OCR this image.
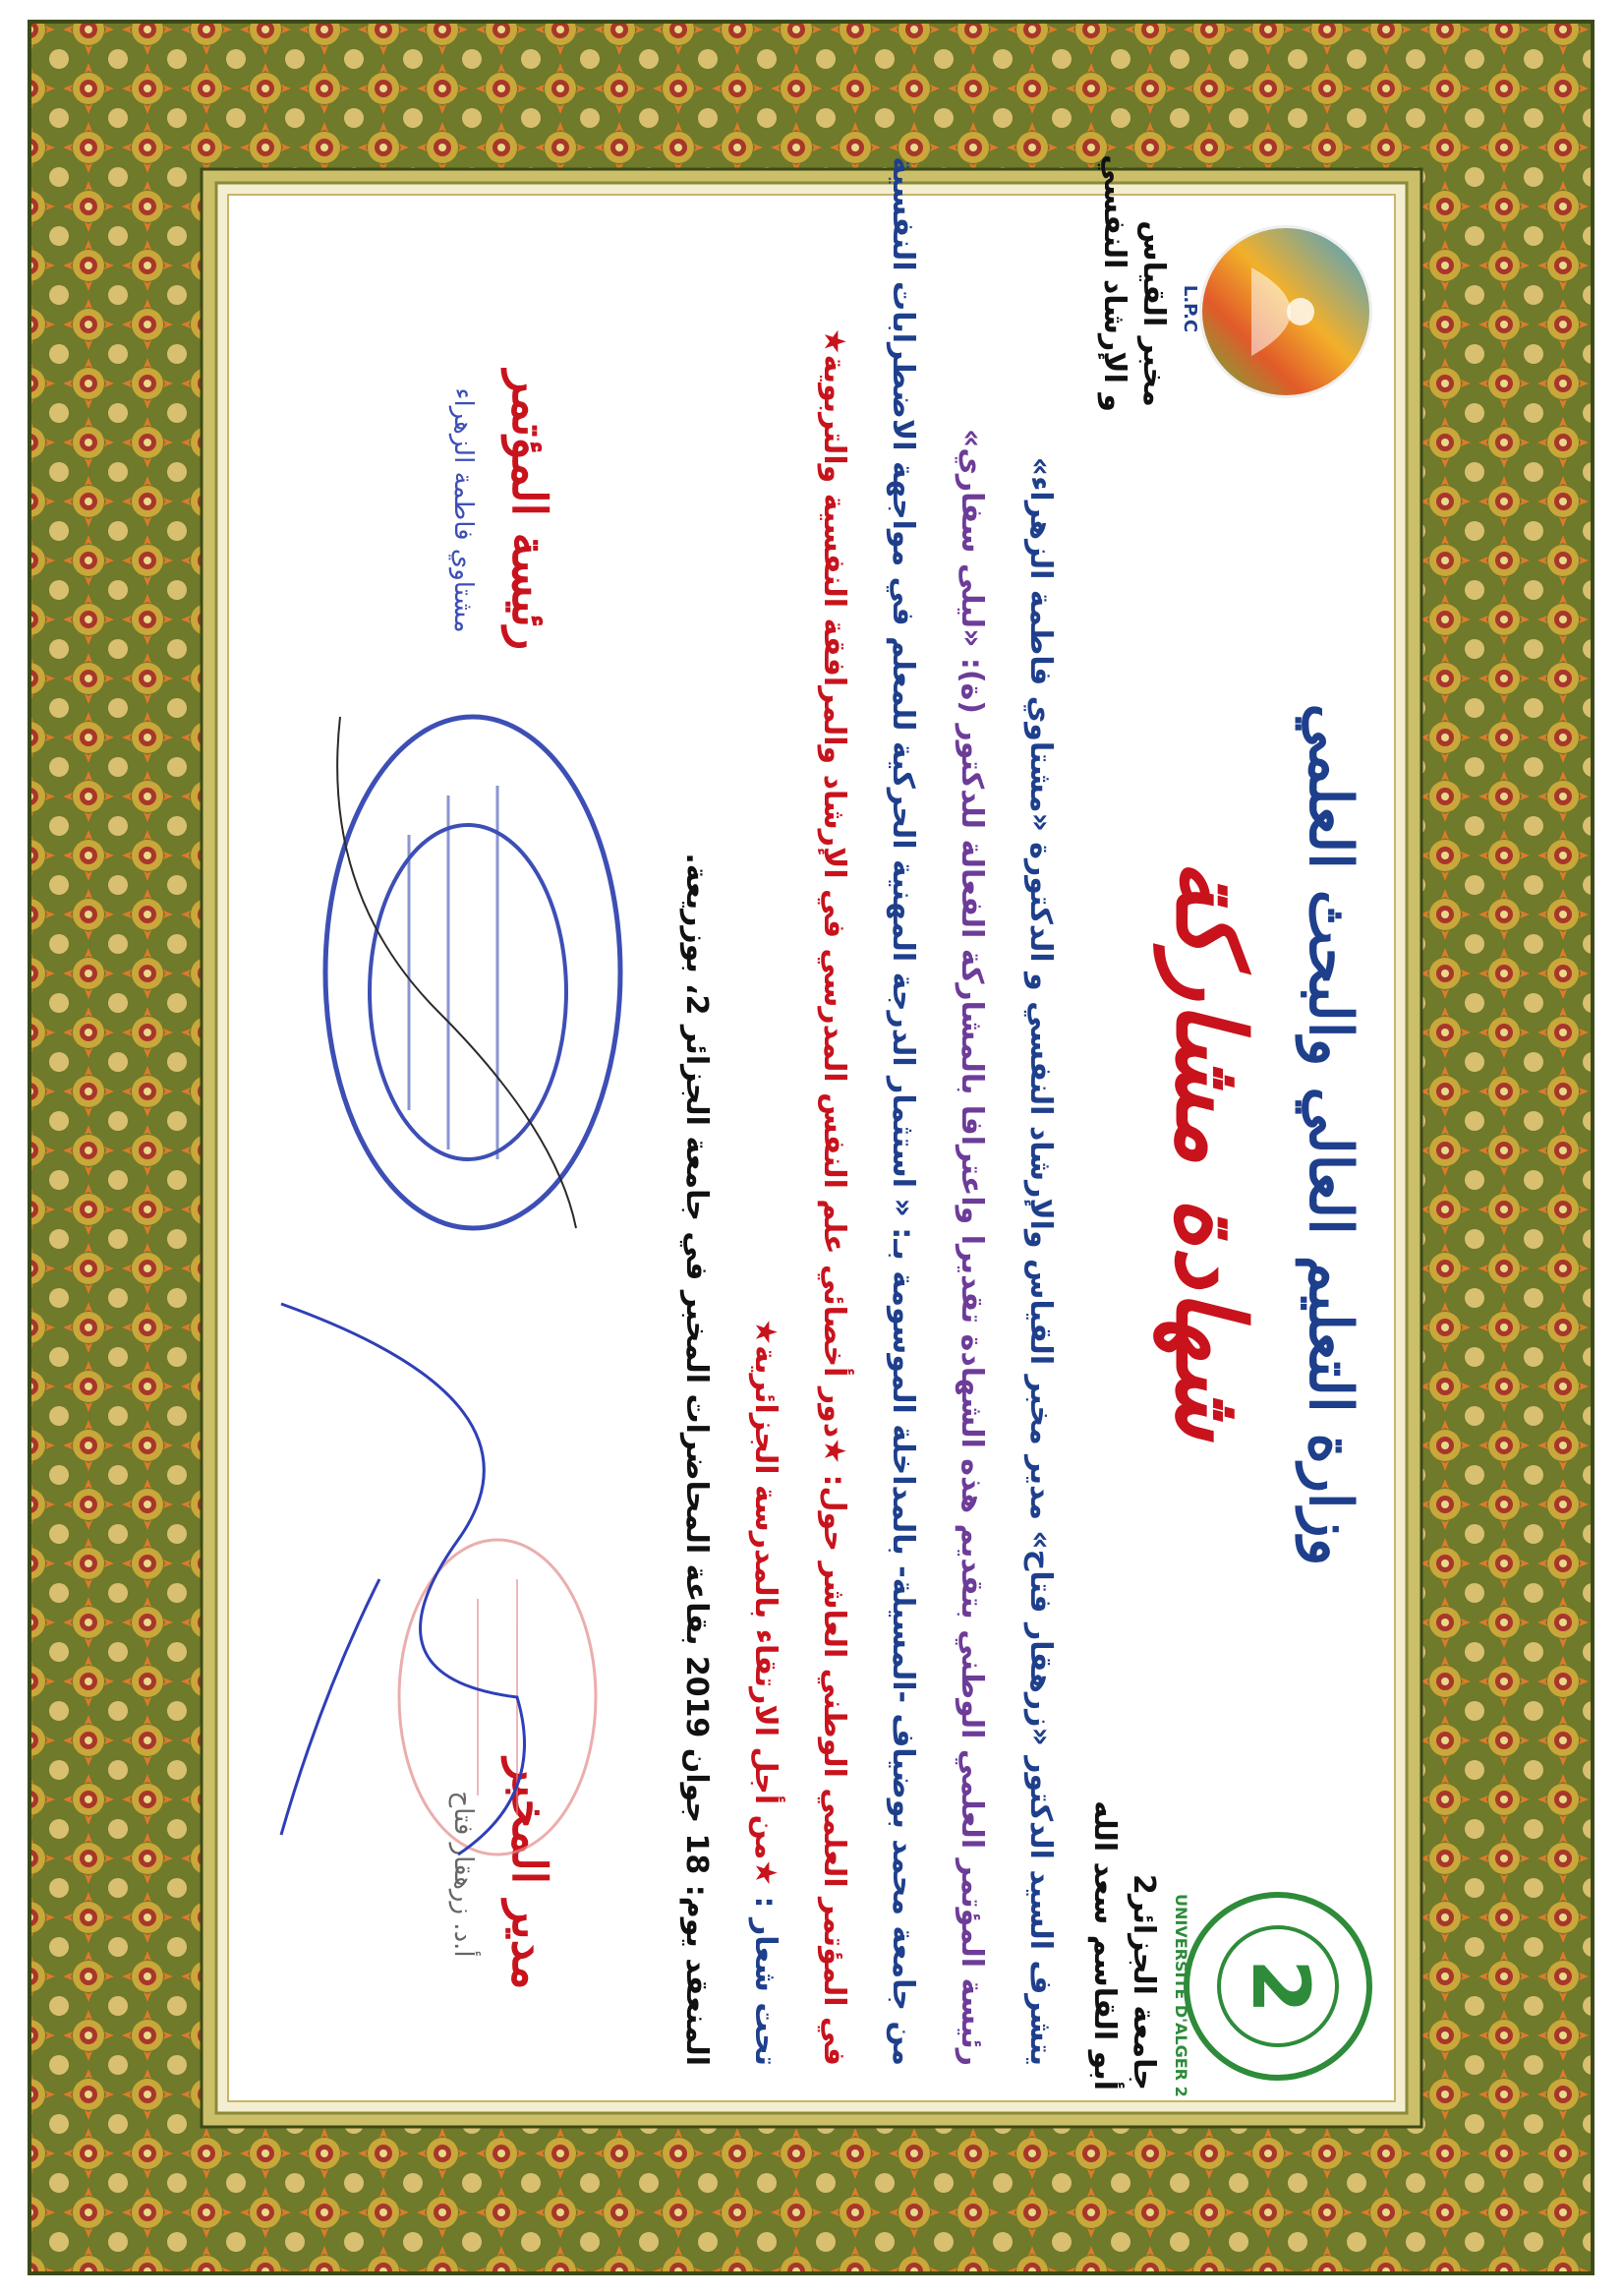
2
UNIVERSITE D'ALGER 2
جامعة الجزائر2
أبو القاسم سعد الله
L.P.C
مخبر القياس
و الإرشاد النفسي
وزارة التعليم العالي والبحث العلمي
شهادة مشاركة
يتشرف السيد الدكتور «زرهقار فتاح» مدير مخبر القياس والإرشاد النفسي و الدكتورة «مشتاوي فاطمة الزهراء»
رئيسة المؤتمر العلمي الوطني بتقديم هذه الشهادة تقديرا واعترافا بالمشاركة الفعالة للدكتور (ة): «ليلى سفاري»
من جامعة محمد بوضياف -المسيلة- بالمداخلة الموسومة بـ: « استثمار الدرجة المهنية الحركية للمعلم في مواجهة الاضطرابات النفسية
في المؤتمر العلمي الوطني العاشر حول: ★دور أخصائي علم النفس المدرسي في الإرشاد والمرافقة النفسية والتربوية★
تحت شعار : ★من أجل الارتقاء بالمدرسة الجزائرية★
المنعقد يوم: 18 جوان 2019 بقاعة المحاضرات المخبر في جامعة الجزائر 2، بوزريعة.
مدير المخبر
أ.د. زرهقار فتاح
رئيسة المؤتمر
مشتاوي فاطمة الزهراء
